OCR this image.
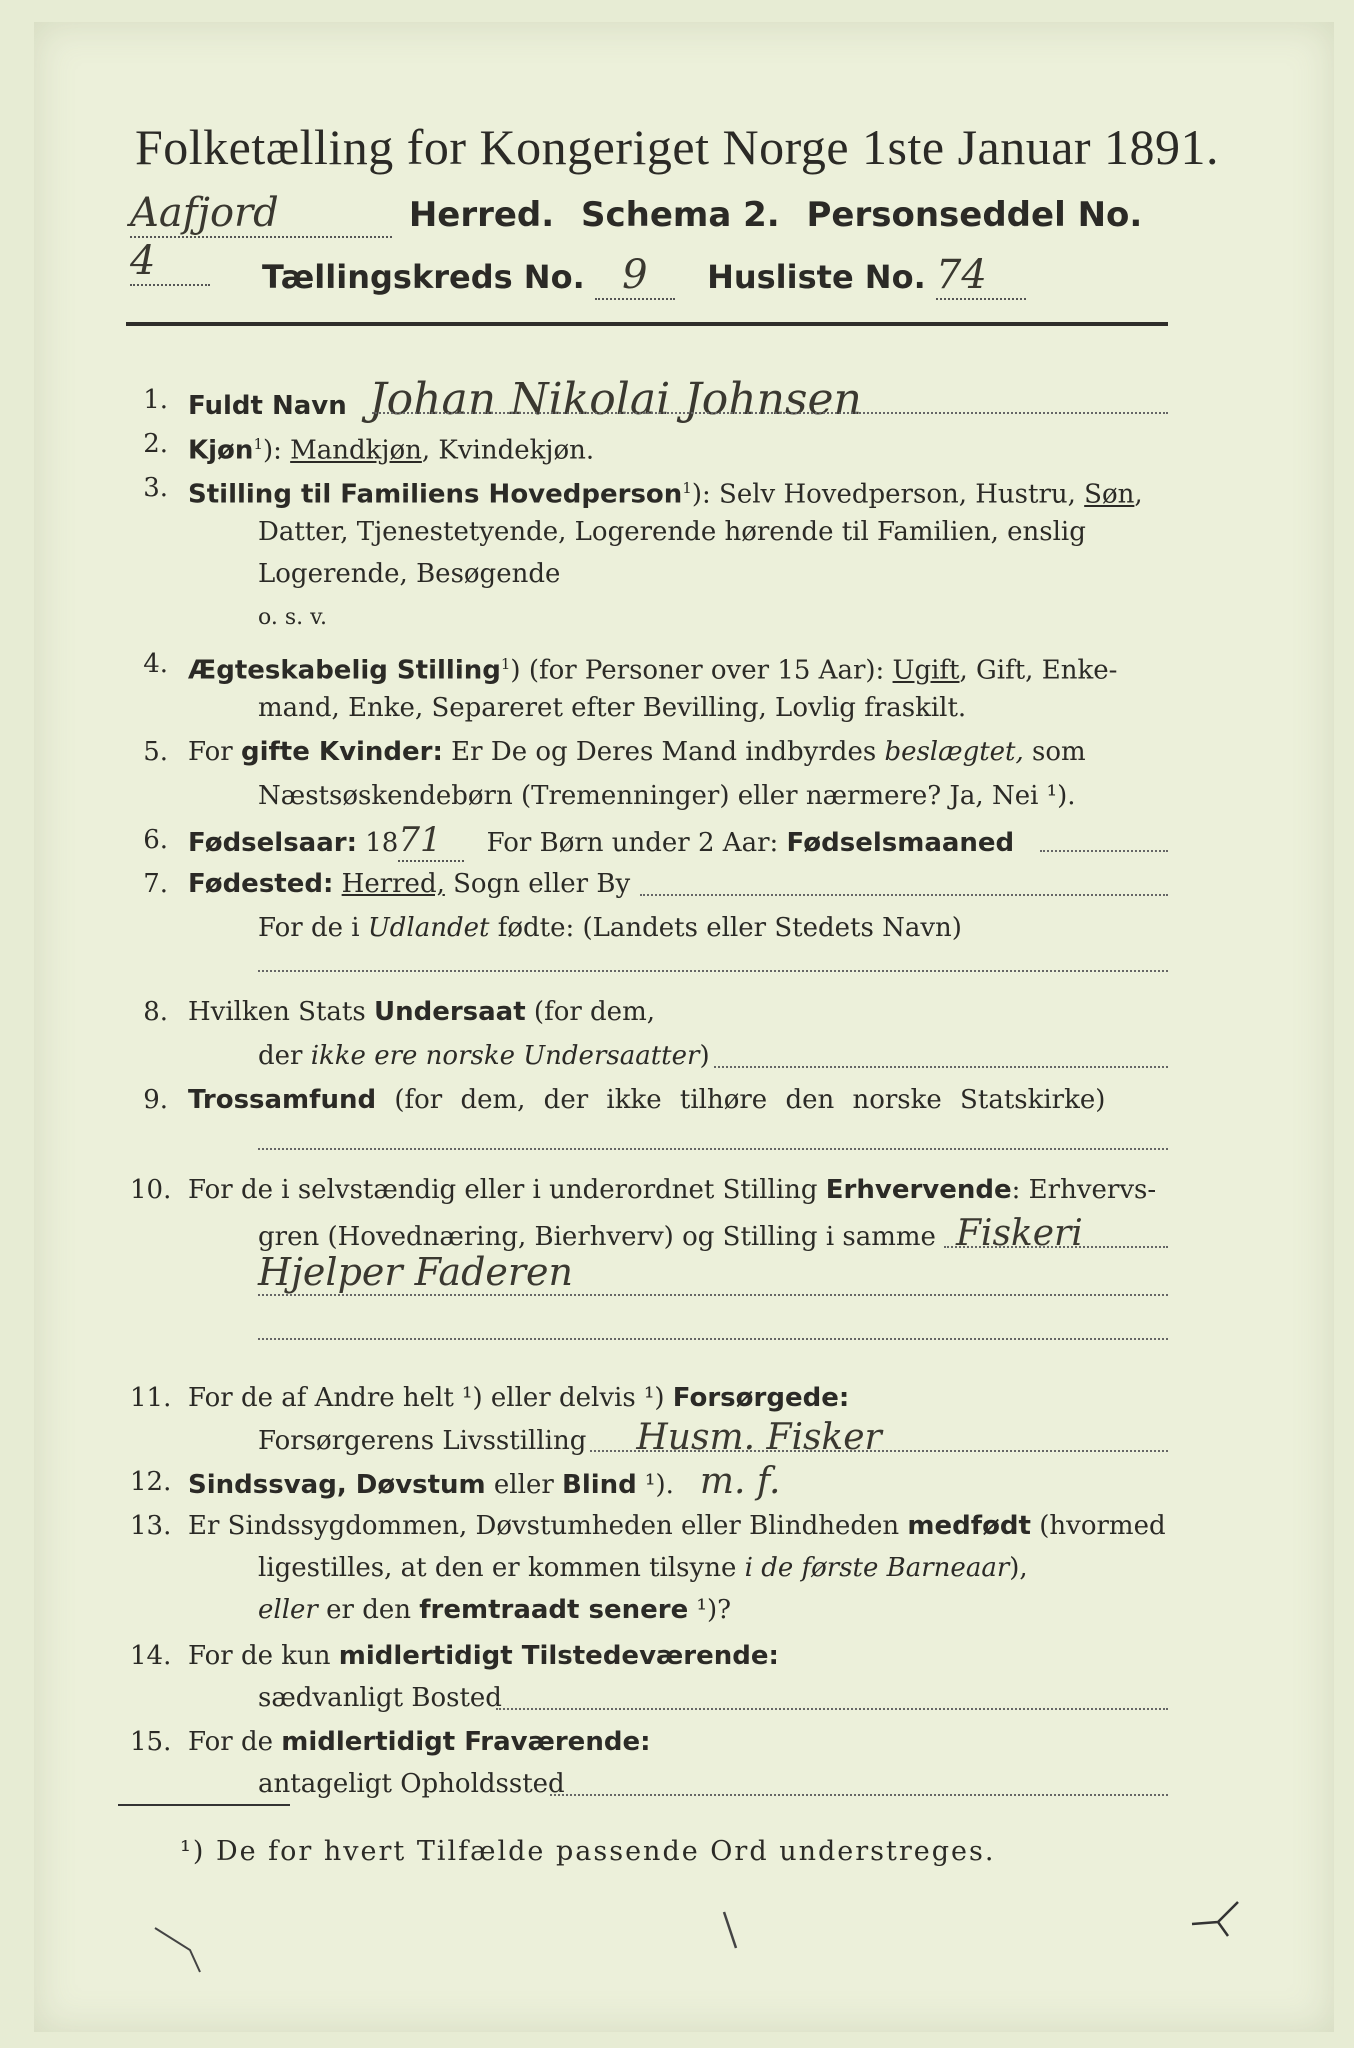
Folketælling for Kongeriget Norge 1ste Januar 1891.
Aafjord	Herred. Schema 2. Personseddel No. 4	Tællingskreds No. 9 Husliste No. 74
1. Fuldt Navn Johan Nikolai Johnsen
2. Kjøn$^1$): Mandkjøn, Kvindekjøn.
3. Stilling til Familiens Hovedperson$^1$): Selv Hovedperson, Hustru, Søn,
Datter, Tjenestetyende, Logerende hørende til Familien, enslig
Logerende, Besøgende
o. s. v.
4. Ægteskabelig Stilling$^1$) (for Personer over 15 Aar): Ugift, Gift, Enke-
mand, Enke, Separeret efter Bevilling, Lovlig fraskilt.
5. For gifte Kvinder: Er De og Deres Mand indbyrdes beslægtet, som
Næstsøskendebørn (Tremenninger) eller nærmere? Ja, Nei ¹).
6. Fødselsaar: 1871 For Børn under 2 Aar: Fødselsmaaned
7. Fødested: Herred, Sogn eller By
For de i Udlandet fødte: (Landets eller Stedets Navn)
8. Hvilken Stats Undersaat (for dem,
der ikke ere norske Undersaatter)
9. Trossamfund (for dem, der ikke tilhøre den norske Statskirke)
10. For de i selvstændig eller i underordnet Stilling Erhvervende: Erhvervs-
gren (Hovednæring, Bierhverv) og Stilling i samme Fiskeri
Hjelper Faderen
11. For de af Andre helt ¹) eller delvis ¹) Forsørgede:
Forsørgerens Livsstilling Husm. Fisker
12. Sindssvag, Døvstum eller Blind ¹). m. f.
13. Er Sindssygdommen, Døvstumheden eller Blindheden medfødt (hvormed
ligestilles, at den er kommen tilsyne i de første Barneaar),
eller er den fremtraadt senere ¹)?
14. For de kun midlertidigt Tilstedeværende:
sædvanligt Bosted
15. For de midlertidigt Fraværende:
antageligt Opholdssted
¹) De for hvert Tilfælde passende Ord understreges.
